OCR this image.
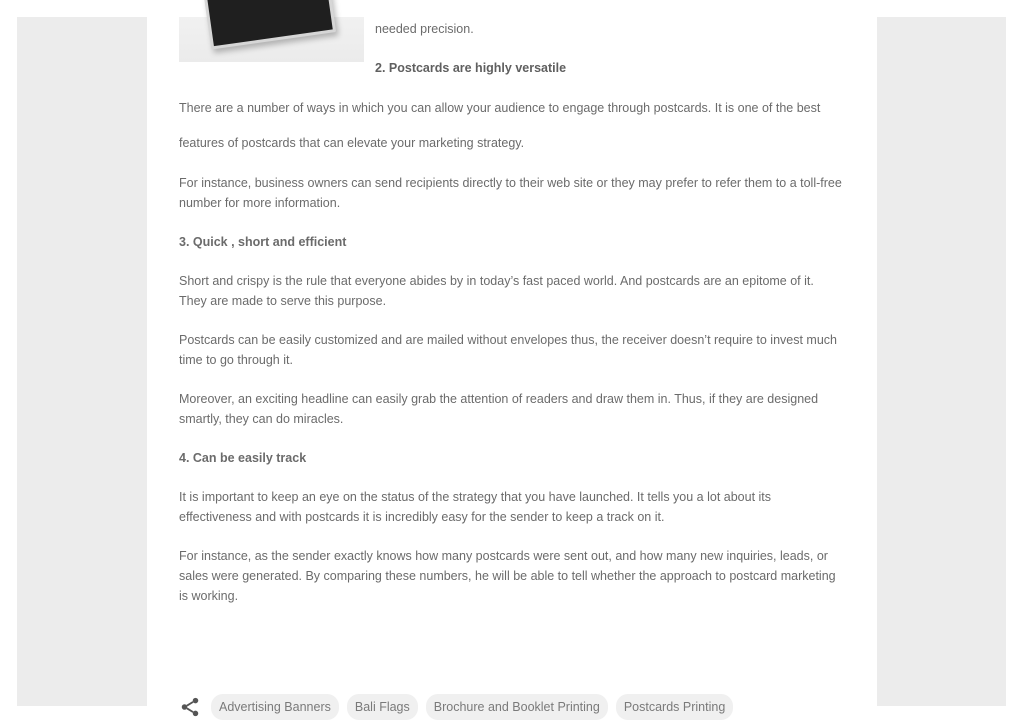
needed precision.
2. Postcards are highly versatile

There are a number of ways in which you can allow your audience to engage through postcards. It is one of the best features of postcards that can elevate your marketing strategy.

For instance, business owners can send recipients directly to their web site or they may prefer to refer them to a toll-free number for more information.

3. Quick , short and efficient

Short and crispy is the rule that everyone abides by in today’s fast paced world. And postcards are an epitome of it. They are made to serve this purpose.

Postcards can be easily customized and are mailed without envelopes thus, the receiver doesn’t require to invest much time to go through it.

Moreover, an exciting headline can easily grab the attention of readers and draw them in. Thus, if they are designed smartly, they can do miracles.

4. Can be easily track

It is important to keep an eye on the status of the strategy that you have launched. It tells you a lot about its effectiveness and with postcards it is incredibly easy for the sender to keep a track on it.

For instance, as the sender exactly knows how many postcards were sent out, and how many new inquiries, leads, or sales were generated. By comparing these numbers, he will be able to tell whether the approach to postcard marketing is working.

Advertising Banners	Bali Flags	Brochure and Booklet Printing	Postcards Printing
